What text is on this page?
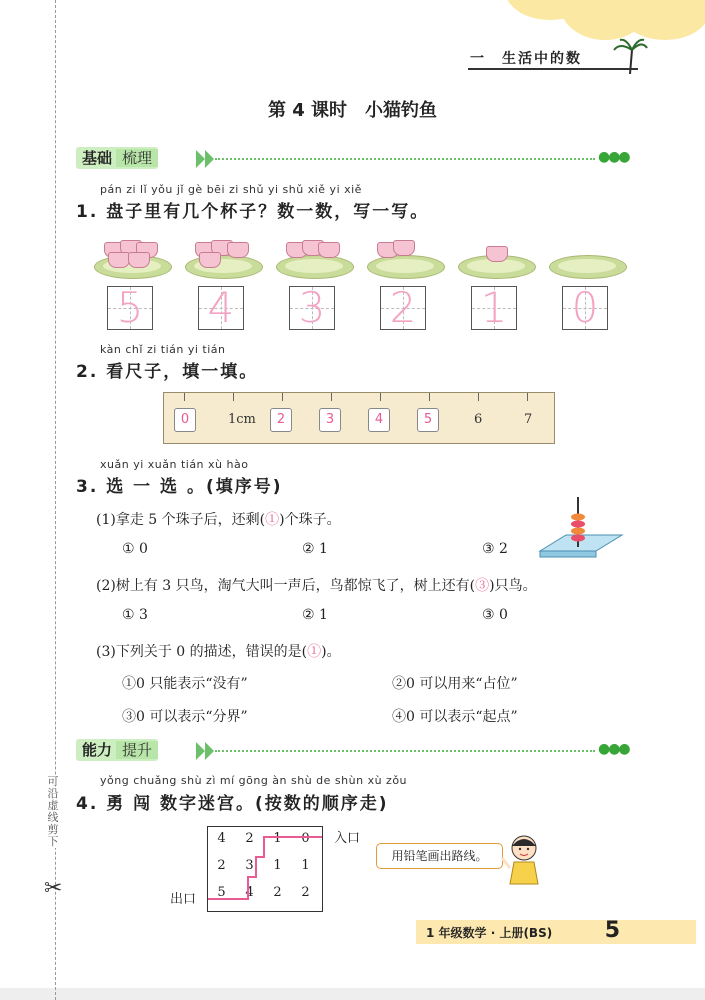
一　生活中的数
第 4 课时　小猫钓鱼
可沿虚线剪下
✂
基础 梳理	●●●
pán zi lǐ yǒu jǐ gè bēi zi shǔ yi shǔ xiě yi xiě
1. 盘子里有几个杯子？数一数，写一写。
5 4 3 2 1 0
kàn chǐ zi tián yi tián
2. 看尺子，填一填。
0	1cm	2	3	4	5	6	7
xuǎn yi xuǎn tián xù hào
3. 选 一 选 。(填序号)
(1)拿走 5 个珠子后，还剩(①)个珠子。
① 0	② 1	③ 2
(2)树上有 3 只鸟，淘气大叫一声后，鸟都惊飞了，树上还有(③)只鸟。
① 3	② 1	③ 0
(3)下列关于 0 的描述，错误的是(①)。
①0 只能表示“没有”	②0 可以用来“占位”
③0 可以表示“分界”	④0 可以表示“起点”
能力 提升	●●●
yǒng chuǎng shù zì mí gōng àn shù de shùn xù zǒu
4. 勇 闯 数字迷宫。(按数的顺序走)
4	2	1	0
2	3	1	1
5	4	2	2
入口
出口
用铅笔画出路线。
1 年级数学 · 上册(BS) 5
